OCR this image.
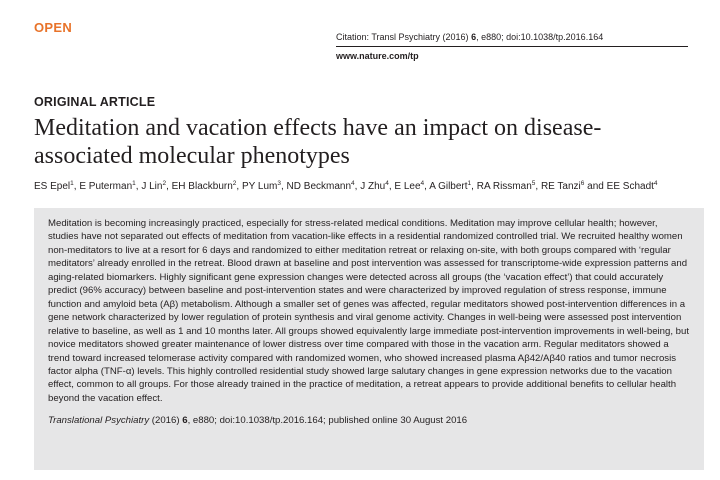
OPEN
Citation: Transl Psychiatry (2016) 6, e880; doi:10.1038/tp.2016.164
www.nature.com/tp
ORIGINAL ARTICLE
Meditation and vacation effects have an impact on disease-associated molecular phenotypes
ES Epel$^1$, E Puterman$^1$, J Lin$^2$, EH Blackburn$^2$, PY Lum$^3$, ND Beckmann$^4$, J Zhu$^4$, E Lee$^4$, A Gilbert$^1$, RA Rissman$^5$, RE Tanzi$^6$ and EE Schadt$^4$

Meditation is becoming increasingly practiced, especially for stress-related medical conditions. Meditation may improve cellular health; however, studies have not separated out effects of meditation from vacation-like effects in a residential randomized controlled trial. We recruited healthy women non-meditators to live at a resort for 6 days and randomized to either meditation retreat or relaxing on-site, with both groups compared with ‘regular meditators’ already enrolled in the retreat. Blood drawn at baseline and post intervention was assessed for transcriptome-wide expression patterns and aging-related biomarkers. Highly significant gene expression changes were detected across all groups (the ‘vacation effect’) that could accurately predict (96% accuracy) between baseline and post-intervention states and were characterized by improved regulation of stress response, immune function and amyloid beta (Aβ) metabolism. Although a smaller set of genes was affected, regular meditators showed post-intervention differences in a gene network characterized by lower regulation of protein synthesis and viral genome activity. Changes in well-being were assessed post intervention relative to baseline, as well as 1 and 10 months later. All groups showed equivalently large immediate post-intervention improvements in well-being, but novice meditators showed greater maintenance of lower distress over time compared with those in the vacation arm. Regular meditators showed a trend toward increased telomerase activity compared with randomized women, who showed increased plasma Aβ42/Aβ40 ratios and tumor necrosis factor alpha (TNF-α) levels. This highly controlled residential study showed large salutary changes in gene expression networks due to the vacation effect, common to all groups. For those already trained in the practice of meditation, a retreat appears to provide additional benefits to cellular health beyond the vacation effect.

Translational Psychiatry (2016) 6, e880; doi:10.1038/tp.2016.164; published online 30 August 2016
